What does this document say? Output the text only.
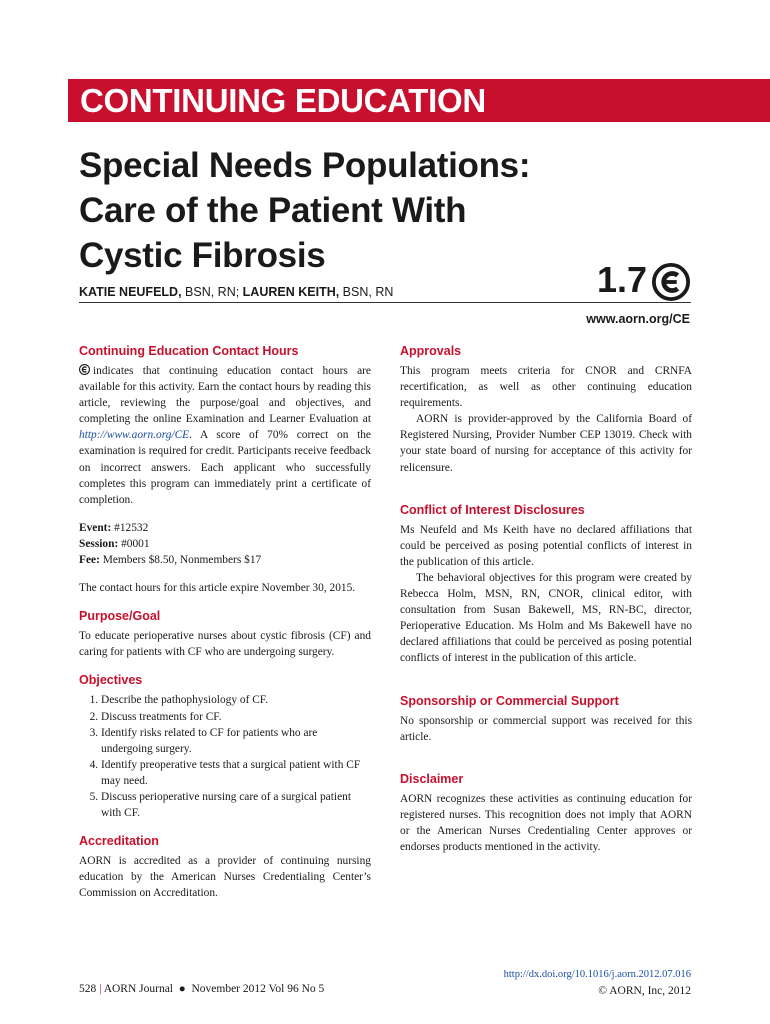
CONTINUING EDUCATION
Special Needs Populations:
Care of the Patient With
Cystic Fibrosis
KATIE NEUFELD, BSN, RN; LAUREN KEITH, BSN, RN	1.7
www.aorn.org/CE
Continuing Education Contact Hours

indicates that continuing education contact hours are available for this activity. Earn the contact hours by reading this article, reviewing the purpose/goal and objectives, and completing the online Examination and Learner Evaluation at http://www.aorn.org/CE. A score of 70% correct on the examination is required for credit. Participants receive feedback on incorrect answers. Each applicant who successfully completes this program can immediately print a certificate of completion.

Event: #12532
Session: #0001
Fee: Members $8.50, Nonmembers $17

The contact hours for this article expire November 30, 2015.

Purpose/Goal

To educate perioperative nurses about cystic fibrosis (CF) and caring for patients with CF who are undergoing surgery.

Objectives
1. Describe the pathophysiology of CF.
2. Discuss treatments for CF.
3. Identify risks related to CF for patients who are undergoing surgery.
4. Identify preoperative tests that a surgical patient with CF may need.
5. Discuss perioperative nursing care of a surgical patient with CF.
Accreditation

AORN is accredited as a provider of continuing nursing education by the American Nurses Credentialing Center’s Commission on Accreditation.

Approvals

This program meets criteria for CNOR and CRNFA recertification, as well as other continuing education requirements.

AORN is provider-approved by the California Board of Registered Nursing, Provider Number CEP 13019. Check with your state board of nursing for acceptance of this activity for relicensure.

Conflict of Interest Disclosures

Ms Neufeld and Ms Keith have no declared affiliations that could be perceived as posing potential conflicts of interest in the publication of this article.

The behavioral objectives for this program were created by Rebecca Holm, MSN, RN, CNOR, clinical editor, with consultation from Susan Bakewell, MS, RN-BC, director, Perioperative Education. Ms Holm and Ms Bakewell have no declared affiliations that could be perceived as posing potential conflicts of interest in the publication of this article.

Sponsorship or Commercial Support

No sponsorship or commercial support was received for this article.

Disclaimer

AORN recognizes these activities as continuing education for registered nurses. This recognition does not imply that AORN or the American Nurses Credentialing Center approves or endorses products mentioned in the activity.

528 | AORN Journal ● November 2012 Vol 96 No 5
http://dx.doi.org/10.1016/j.aorn.2012.07.016
© AORN, Inc, 2012
